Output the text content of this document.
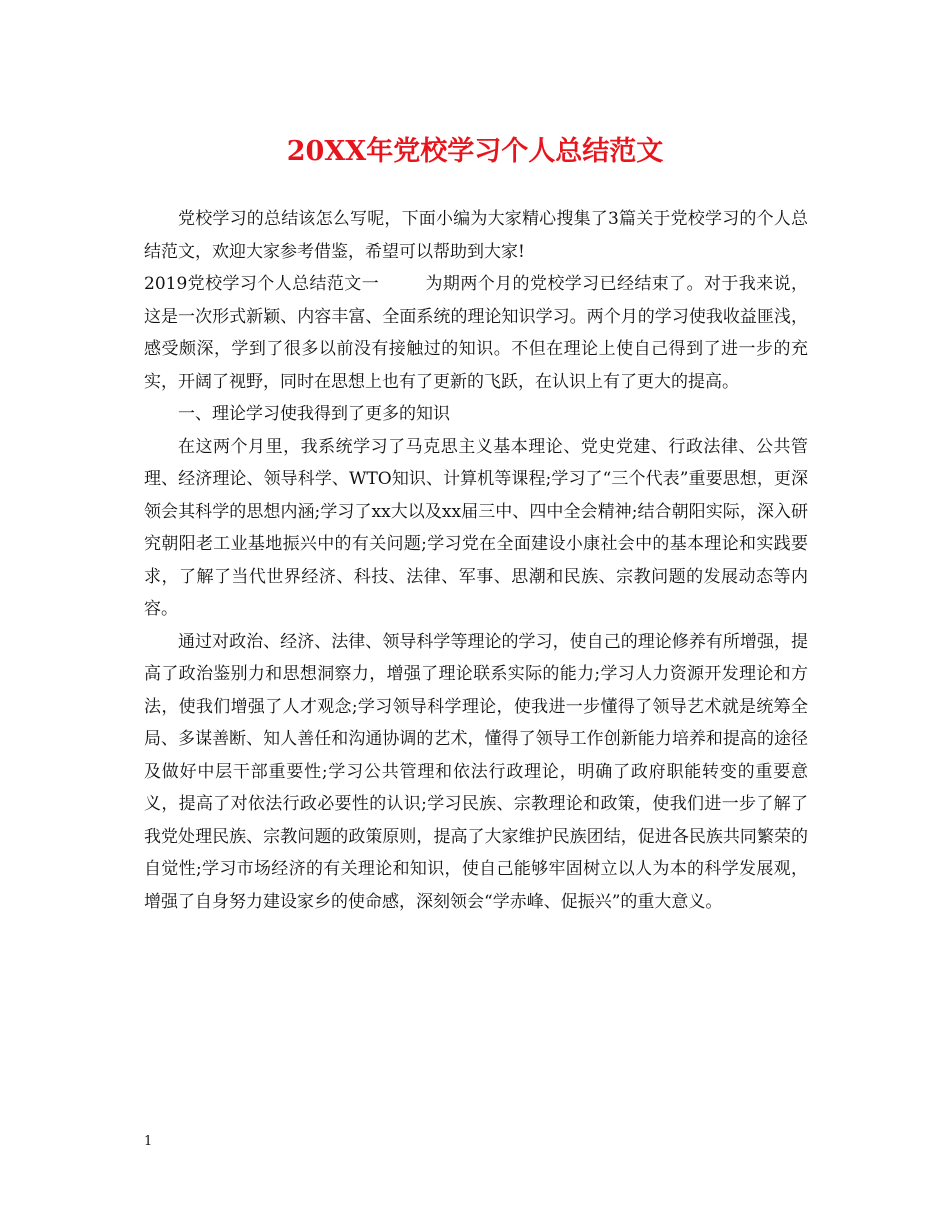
20XX年党校学习个人总结范文

党校学习的总结该怎么写呢，下面小编为大家精心搜集了3篇关于党校学习的个人总结范文，欢迎大家参考借鉴，希望可以帮助到大家!

2019党校学习个人总结范文一	为期两个月的党校学习已经结束了。对于我来说，这是一次形式新颖、内容丰富、全面系统的理论知识学习。两个月的学习使我收益匪浅，感受颇深，学到了很多以前没有接触过的知识。不但在理论上使自己得到了进一步的充实，开阔了视野，同时在思想上也有了更新的飞跃，在认识上有了更大的提高。

一、理论学习使我得到了更多的知识

在这两个月里，我系统学习了马克思主义基本理论、党史党建、行政法律、公共管理、经济理论、领导科学、WTO知识、计算机等课程;学习了“三个代表”重要思想，更深领会其科学的思想内涵;学习了xx大以及xx届三中、四中全会精神;结合朝阳实际，深入研究朝阳老工业基地振兴中的有关问题;学习党在全面建设小康社会中的基本理论和实践要求，了解了当代世界经济、科技、法律、军事、思潮和民族、宗教问题的发展动态等内容。

通过对政治、经济、法律、领导科学等理论的学习，使自己的理论修养有所增强，提高了政治鉴别力和思想洞察力，增强了理论联系实际的能力;学习人力资源开发理论和方法，使我们增强了人才观念;学习领导科学理论，使我进一步懂得了领导艺术就是统筹全局、多谋善断、知人善任和沟通协调的艺术，懂得了领导工作创新能力培养和提高的途径及做好中层干部重要性;学习公共管理和依法行政理论，明确了政府职能转变的重要意义，提高了对依法行政必要性的认识;学习民族、宗教理论和政策，使我们进一步了解了我党处理民族、宗教问题的政策原则，提高了大家维护民族团结，促进各民族共同繁荣的自觉性;学习市场经济的有关理论和知识，使自己能够牢固树立以人为本的科学发展观，增强了自身努力建设家乡的使命感，深刻领会“学赤峰、促振兴”的重大意义。

1
